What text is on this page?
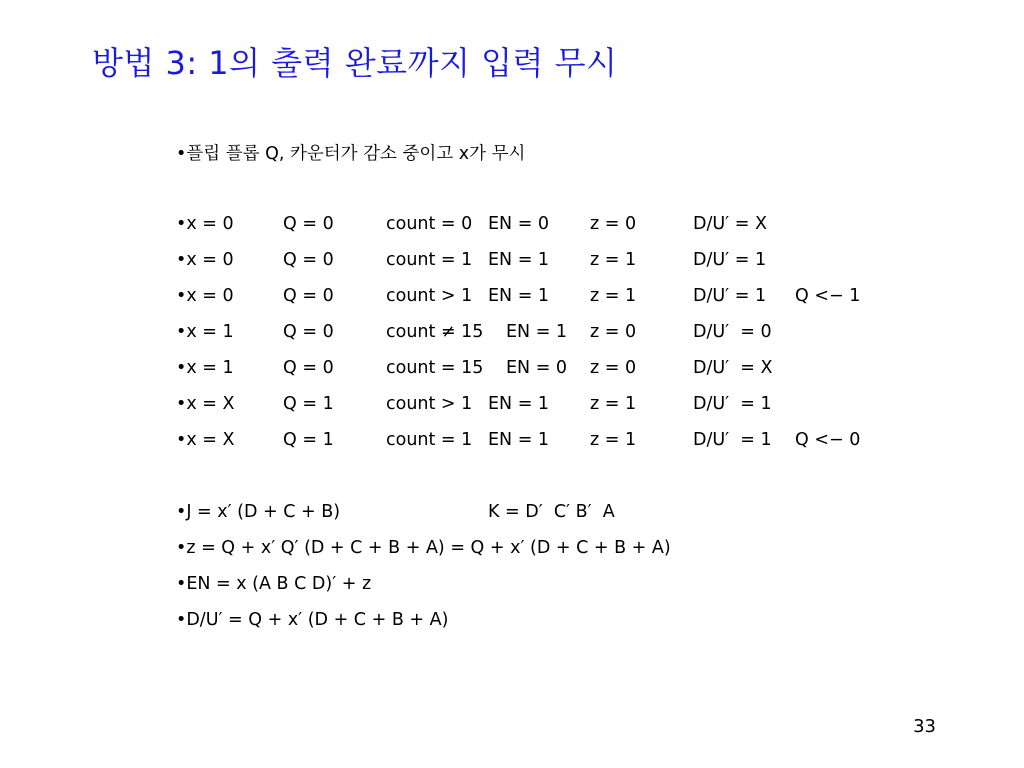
방법 3: 1의 출력 완료까지 입력 무시
•플립 플롭 Q, 카운터가 감소 중이고 x가 무시
•x = 0	Q = 0	count = 0 EN = 0 z = 0	D/U′ = X
•x = 0	Q = 0	count = 1 EN = 1 z = 1	D/U′ = 1
•x = 0	Q = 0	count > 1 EN = 1 z = 1	D/U′ = 1 Q <− 1
•x = 1	Q = 0	count ≠ 15 EN = 1 z = 0	D/U′  = 0
•x = 1	Q = 0	count = 15 EN = 0 z = 0	D/U′  = X
•x = X	Q = 1	count > 1 EN = 1 z = 1	D/U′  = 1
•x = X	Q = 1	count = 1 EN = 1 z = 1	D/U′  = 1 Q <− 0
•J = x′ (D + C + B)	K = D′  C′ B′  A
•z = Q + x′ Q′ (D + C + B + A) = Q + x′ (D + C + B + A)
•EN = x (A B C D)′ + z
•D/U′ = Q + x′ (D + C + B + A)
33
